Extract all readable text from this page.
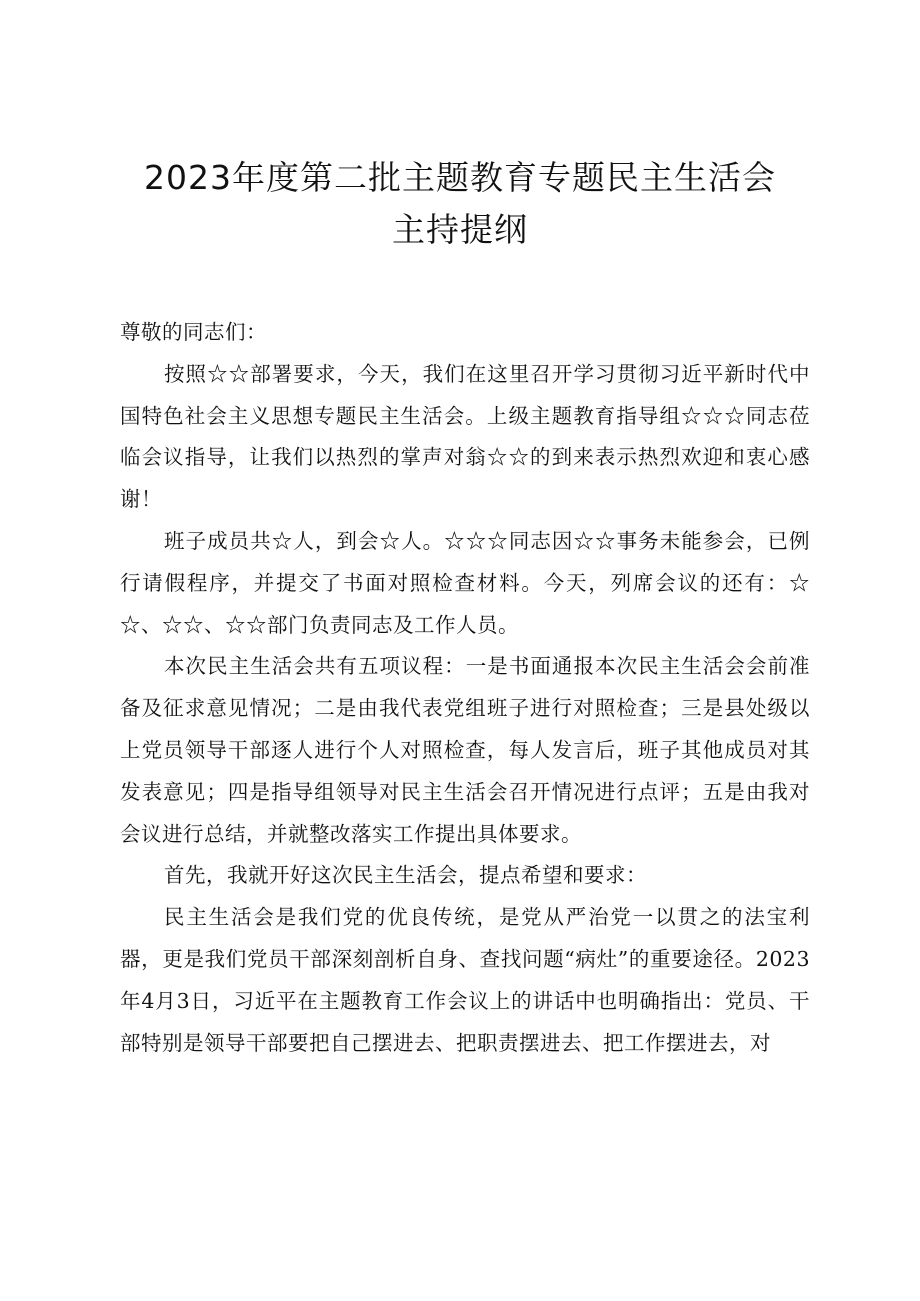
2023年度第二批主题教育专题民主生活会
主持提纲

尊敬的同志们：

按照☆☆部署要求，今天，我们在这里召开学习贯彻习近平新时代中国特色社会主义思想专题民主生活会。上级主题教育指导组☆☆☆同志莅临会议指导，让我们以热烈的掌声对翁☆☆的到来表示热烈欢迎和衷心感谢！

班子成员共☆人，到会☆人。☆☆☆同志因☆☆事务未能参会，已例行请假程序，并提交了书面对照检查材料。今天，列席会议的还有：☆☆、☆☆、☆☆部门负责同志及工作人员。

本次民主生活会共有五项议程：一是书面通报本次民主生活会会前准备及征求意见情况；二是由我代表党组班子进行对照检查；三是县处级以上党员领导干部逐人进行个人对照检查，每人发言后，班子其他成员对其发表意见；四是指导组领导对民主生活会召开情况进行点评；五是由我对会议进行总结，并就整改落实工作提出具体要求。

首先，我就开好这次民主生活会，提点希望和要求：

民主生活会是我们党的优良传统，是党从严治党一以贯之的法宝利器，更是我们党员干部深刻剖析自身、查找问题“病灶”的重要途径。2023年4月3日，习近平在主题教育工作会议上的讲话中也明确指出：党员、干部特别是领导干部要把自己摆进去、把职责摆进去、把工作摆进去，对
